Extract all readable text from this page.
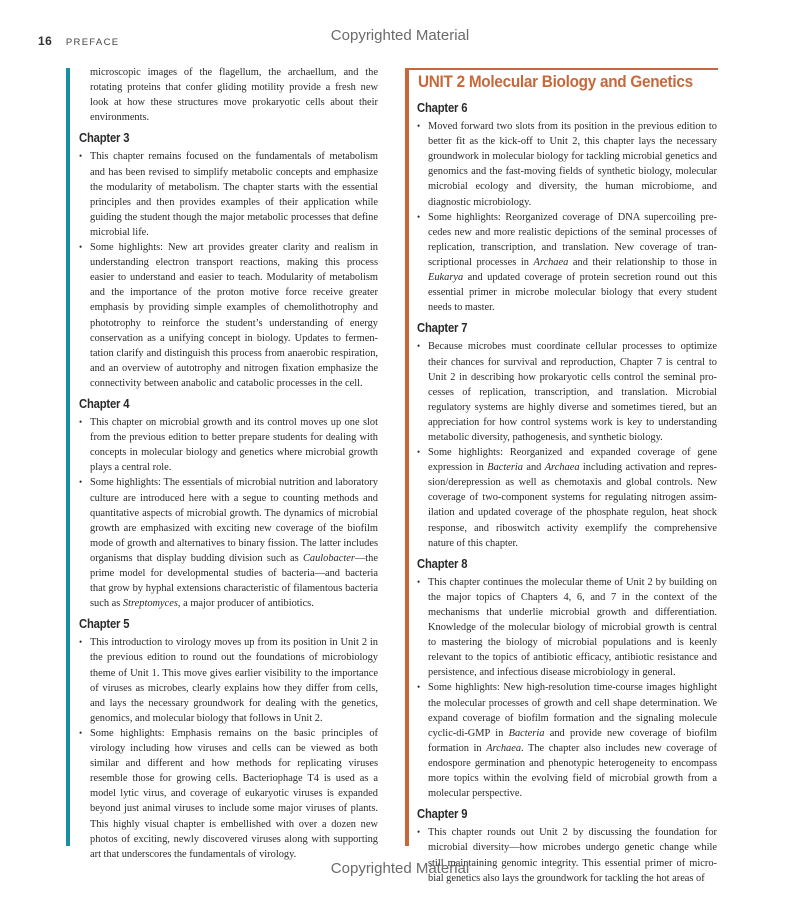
16 PREFACE	Copyrighted Material

microscopic images of the flagellum, the archaellum, and the rotating proteins that confer gliding motility provide a fresh new look at how these structures move prokaryotic cells about their environments.

Chapter 3
• This chapter remains focused on the fundamentals of metabolism and has been revised to simplify metabolic concepts and emphasize the modularity of metabolism. The chapter starts with the essential principles and then provides examples of their application while guiding the student though the major metabolic processes that define microbial life.
• Some highlights: New art provides greater clarity and realism in understanding electron transport reactions, making this process easier to understand and easier to teach. Modularity of metabolism and the importance of the proton motive force receive greater emphasis by providing simple examples of chemolithotrophy and phototrophy to reinforce the student’s understanding of energy conservation as a unifying concept in biology. Updates to fermentation clarify and distinguish this process from anaerobic respiration, and an overview of autotrophy and nitrogen fixation emphasize the connectivity between anabolic and catabolic processes in the cell.
Chapter 4
• This chapter on microbial growth and its control moves up one slot from the previous edition to better prepare students for dealing with concepts in molecular biology and genetics where microbial growth plays a central role.
• Some highlights: The essentials of microbial nutrition and laboratory culture are introduced here with a segue to counting methods and quantitative aspects of microbial growth. The dynamics of microbial growth are emphasized with exciting new coverage of the biofilm mode of growth and alternatives to binary fission. The latter includes organisms that display budding division such as Caulobacter—the prime model for developmental studies of bacteria—and bacteria that grow by hyphal extensions characteristic of filamentous bacteria such as Streptomyces, a major producer of antibiotics.
Chapter 5
• This introduction to virology moves up from its position in Unit 2 in the previous edition to round out the foundations of microbiology theme of Unit 1. This move gives earlier visibility to the importance of viruses as microbes, clearly explains how they differ from cells, and lays the necessary groundwork for dealing with the genetics, genomics, and molecular biology that follows in Unit 2.
• Some highlights: Emphasis remains on the basic principles of virology including how viruses and cells can be viewed as both similar and different and how methods for replicating viruses resemble those for growing cells. Bacteriophage T4 is used as a model lytic virus, and coverage of eukaryotic viruses is expanded beyond just animal viruses to include some major viruses of plants. This highly visual chapter is embellished with over a dozen new photos of exciting, newly discovered viruses along with supporting art that underscores the fundamentals of virology.
UNIT 2 Molecular Biology and Genetics
Chapter 6
• Moved forward two slots from its position in the previous edition to better fit as the kick-off to Unit 2, this chapter lays the necessary groundwork in molecular biology for tackling microbial genetics and genomics and the fast-moving fields of synthetic biology, molecular microbial ecology and diversity, the human microbiome, and diagnostic microbiology.
• Some highlights: Reorganized coverage of DNA supercoiling precedes new and more realistic depictions of the seminal processes of replication, transcription, and translation. New coverage of transcriptional processes in Archaea and their relationship to those in Eukarya and updated coverage of protein secretion round out this essential primer in microbe molecular biology that every student needs to master.
Chapter 7
• Because microbes must coordinate cellular processes to optimize their chances for survival and reproduction, Chapter 7 is central to Unit 2 in describing how prokaryotic cells control the seminal processes of replication, transcription, and translation. Microbial regulatory systems are highly diverse and sometimes tiered, but an appreciation for how control systems work is key to understanding metabolic diversity, pathogenesis, and synthetic biology.
• Some highlights: Reorganized and expanded coverage of gene expression in Bacteria and Archaea including activation and repression/derepression as well as chemotaxis and global controls. New coverage of two-component systems for regulating nitrogen assimilation and updated coverage of the phosphate regulon, heat shock response, and riboswitch activity exemplify the comprehensive nature of this chapter.
Chapter 8
• This chapter continues the molecular theme of Unit 2 by building on the major topics of Chapters 4, 6, and 7 in the context of the mechanisms that underlie microbial growth and differentiation. Knowledge of the molecular biology of microbial growth is central to mastering the biology of microbial populations and is keenly relevant to the topics of antibiotic efficacy, antibiotic resistance and persistence, and infectious disease microbiology in general.
• Some highlights: New high-resolution time-course images highlight the molecular processes of growth and cell shape determination. We expand coverage of biofilm formation and the signaling molecule cyclic-di-GMP in Bacteria and provide new coverage of biofilm formation in Archaea. The chapter also includes new coverage of endospore germination and phenotypic heterogeneity to encompass more topics within the evolving field of microbial growth from a molecular perspective.
Chapter 9
• This chapter rounds out Unit 2 by discussing the foundation for microbial diversity—how microbes undergo genetic change while still maintaining genomic integrity. This essential primer of microbial genetics also lays the groundwork for tackling the hot areas of
Copyrighted Material
